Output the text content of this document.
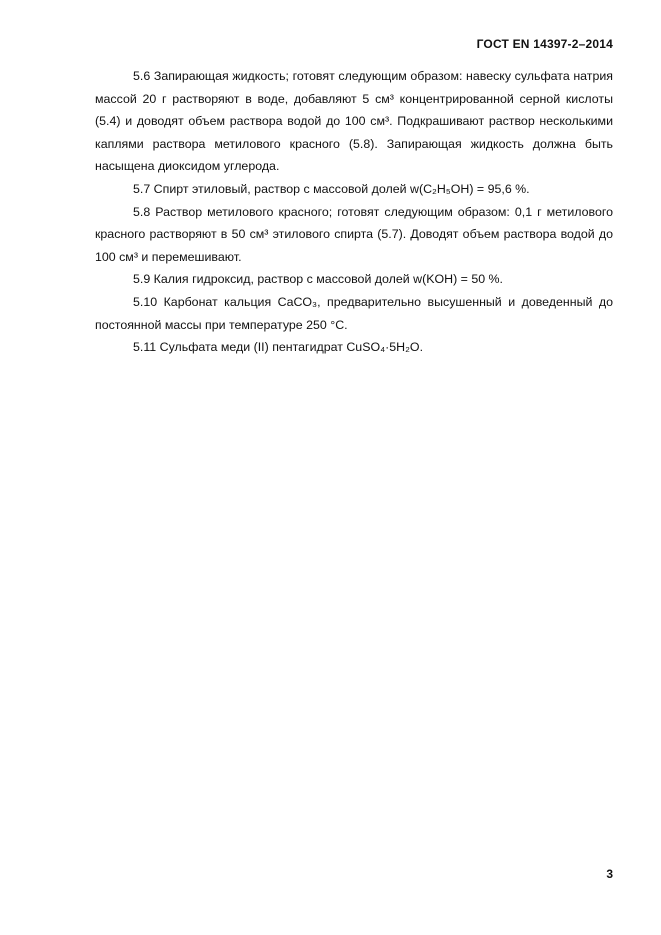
ГОСТ EN 14397-2–2014

5.6 Запирающая жидкость; готовят следующим образом: навеску сульфата натрия массой 20 г растворяют в воде, добавляют 5 см³ концентрированной серной кислоты (5.4) и доводят объем раствора водой до 100 см³. Подкрашивают раствор несколькими каплями раствора метилового красного (5.8). Запирающая жидкость должна быть насыщена диоксидом углерода.

5.7 Спирт этиловый, раствор с массовой долей w(C₂H₅OH) = 95,6 %.

5.8 Раствор метилового красного; готовят следующим образом: 0,1 г метилового красного растворяют в 50 см³ этилового спирта (5.7). Доводят объем раствора водой до 100 см³ и перемешивают.

5.9 Калия гидроксид, раствор с массовой долей w(KOH) = 50 %.

5.10 Карбонат кальция CaCO₃, предварительно высушенный и доведенный до постоянной массы при температуре 250 °С.

5.11 Сульфата меди (II) пентагидрат CuSO₄·5H₂O.

3
